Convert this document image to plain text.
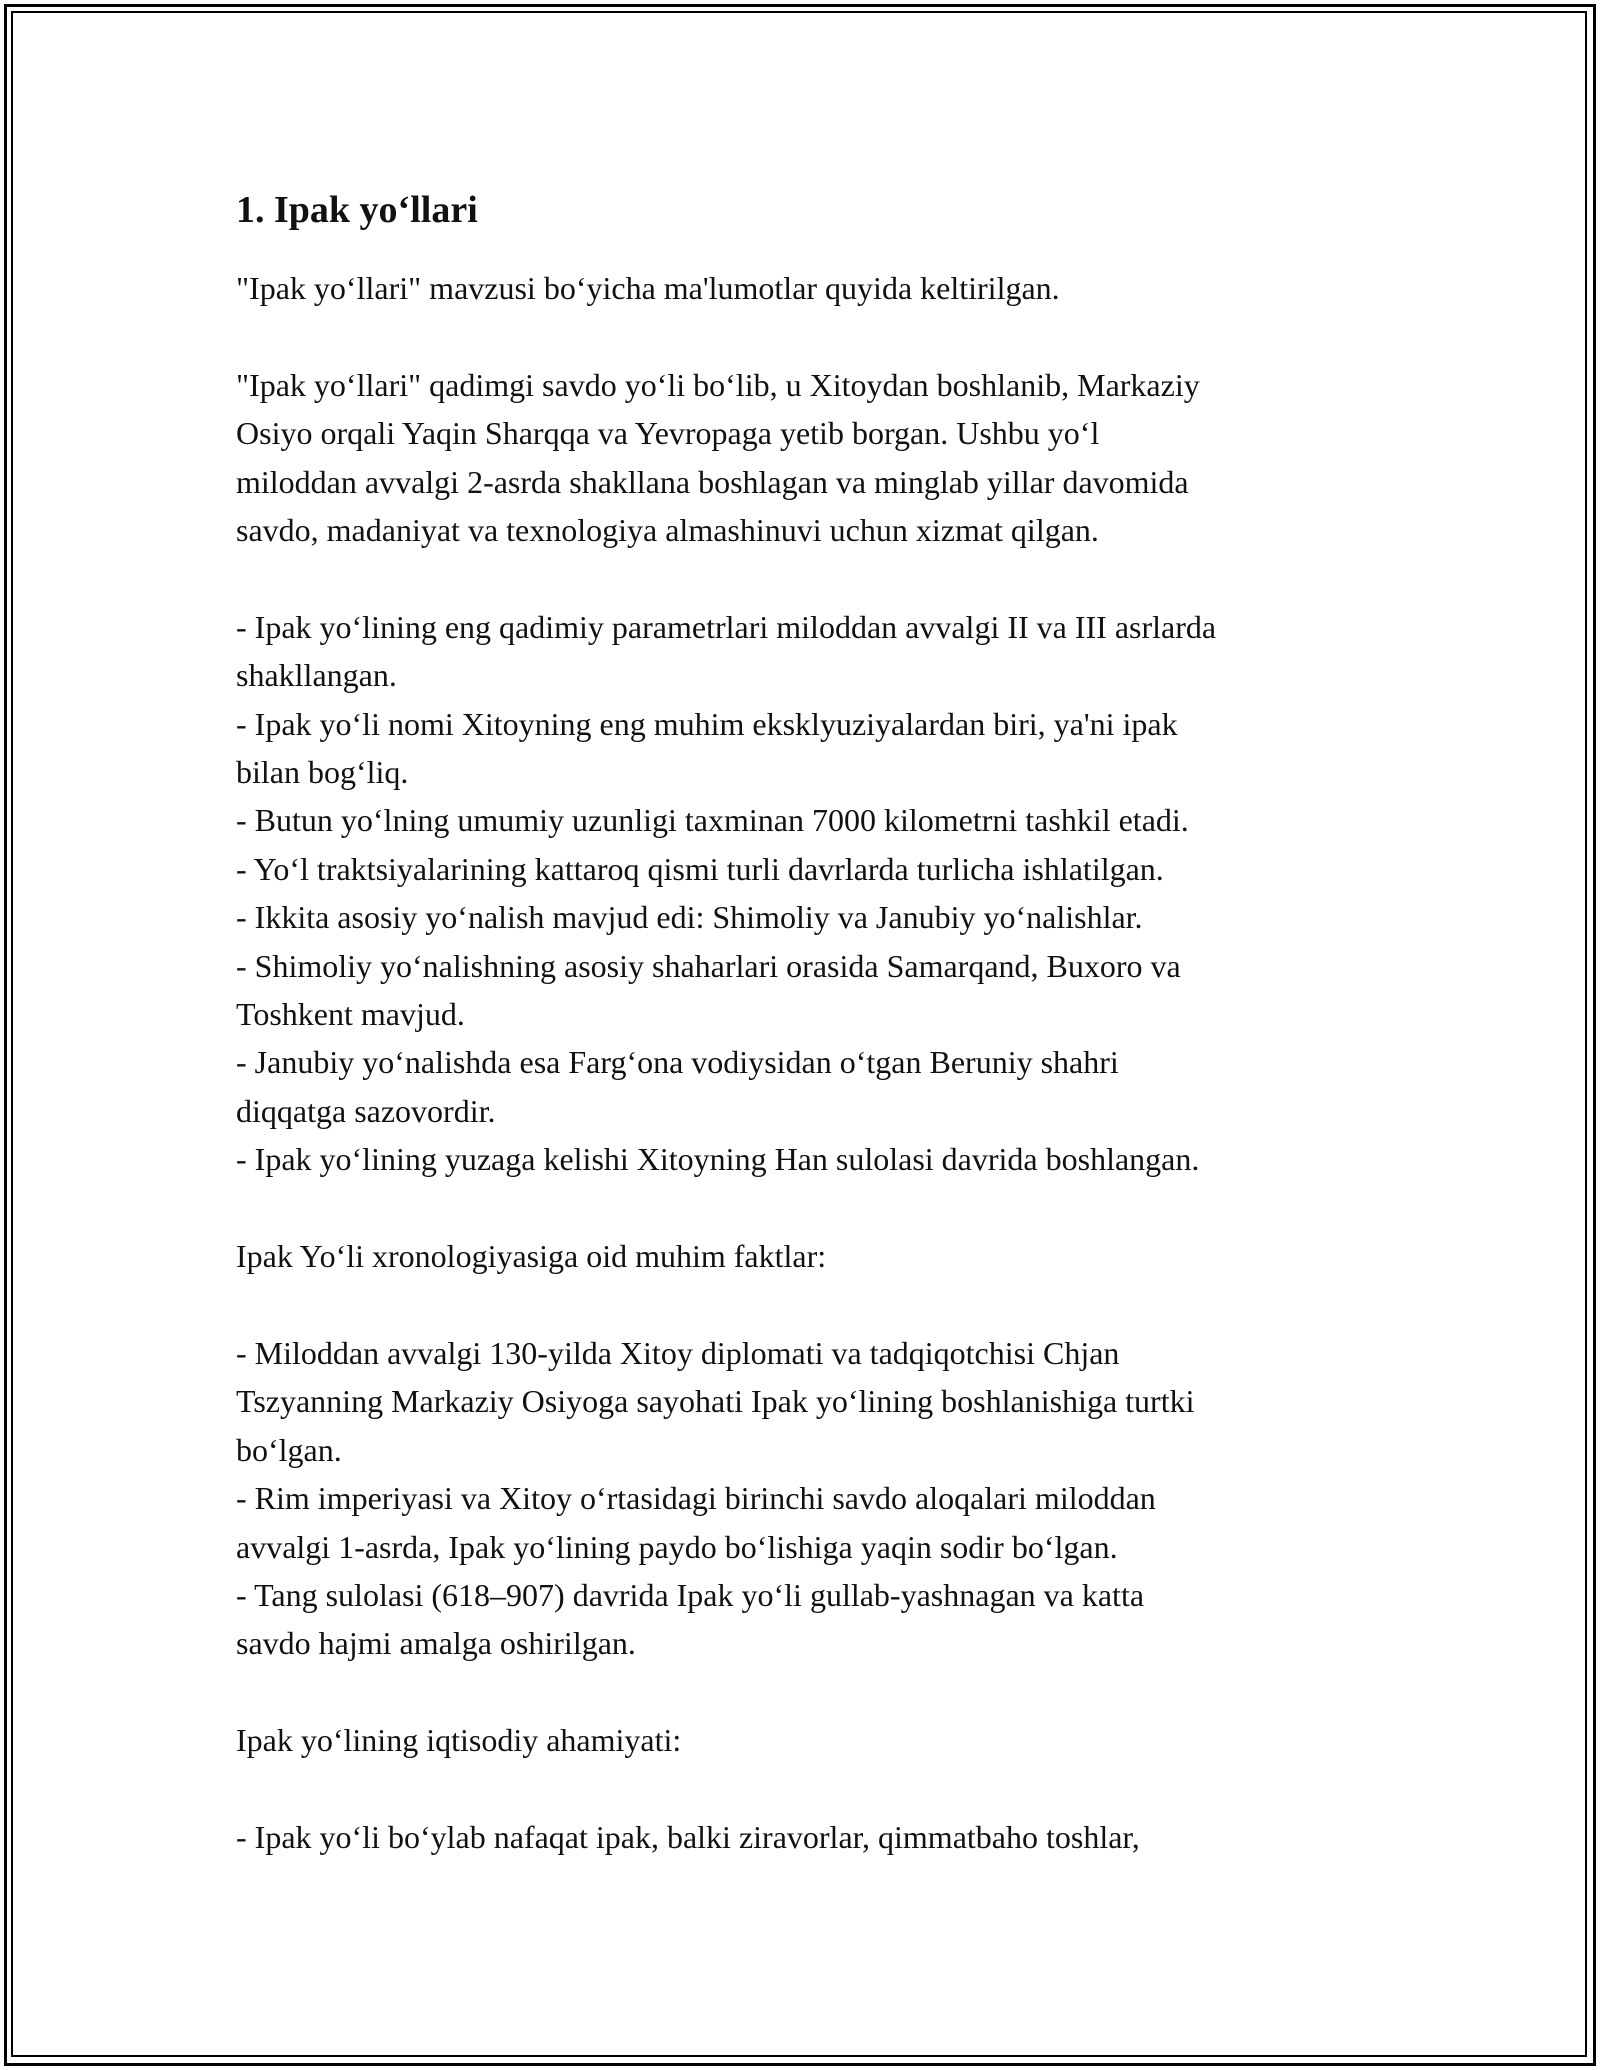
1. Ipak yo‘llari

"Ipak yo‘llari" mavzusi bo‘yicha ma'lumotlar quyida keltirilgan.

"Ipak yo‘llari" qadimgi savdo yo‘li bo‘lib, u Xitoydan boshlanib, Markaziy

Osiyo orqali Yaqin Sharqqa va Yevropaga yetib borgan. Ushbu yo‘l

miloddan avvalgi 2-asrda shakllana boshlagan va minglab yillar davomida

savdo, madaniyat va texnologiya almashinuvi uchun xizmat qilgan.

- Ipak yo‘lining eng qadimiy parametrlari miloddan avvalgi II va III asrlarda

shakllangan.

- Ipak yo‘li nomi Xitoyning eng muhim eksklyuziyalardan biri, ya'ni ipak

bilan bog‘liq.

- Butun yo‘lning umumiy uzunligi taxminan 7000 kilometrni tashkil etadi.

- Yo‘l traktsiyalarining kattaroq qismi turli davrlarda turlicha ishlatilgan.

- Ikkita asosiy yo‘nalish mavjud edi: Shimoliy va Janubiy yo‘nalishlar.

- Shimoliy yo‘nalishning asosiy shaharlari orasida Samarqand, Buxoro va

Toshkent mavjud.

- Janubiy yo‘nalishda esa Farg‘ona vodiysidan o‘tgan Beruniy shahri

diqqatga sazovordir.

- Ipak yo‘lining yuzaga kelishi Xitoyning Han sulolasi davrida boshlangan.

Ipak Yo‘li xronologiyasiga oid muhim faktlar:

- Miloddan avvalgi 130-yilda Xitoy diplomati va tadqiqotchisi Chjan

Tszyanning Markaziy Osiyoga sayohati Ipak yo‘lining boshlanishiga turtki

bo‘lgan.

- Rim imperiyasi va Xitoy o‘rtasidagi birinchi savdo aloqalari miloddan

avvalgi 1-asrda, Ipak yo‘lining paydo bo‘lishiga yaqin sodir bo‘lgan.

- Tang sulolasi (618–907) davrida Ipak yo‘li gullab-yashnagan va katta

savdo hajmi amalga oshirilgan.

Ipak yo‘lining iqtisodiy ahamiyati:

- Ipak yo‘li bo‘ylab nafaqat ipak, balki ziravorlar, qimmatbaho toshlar,
